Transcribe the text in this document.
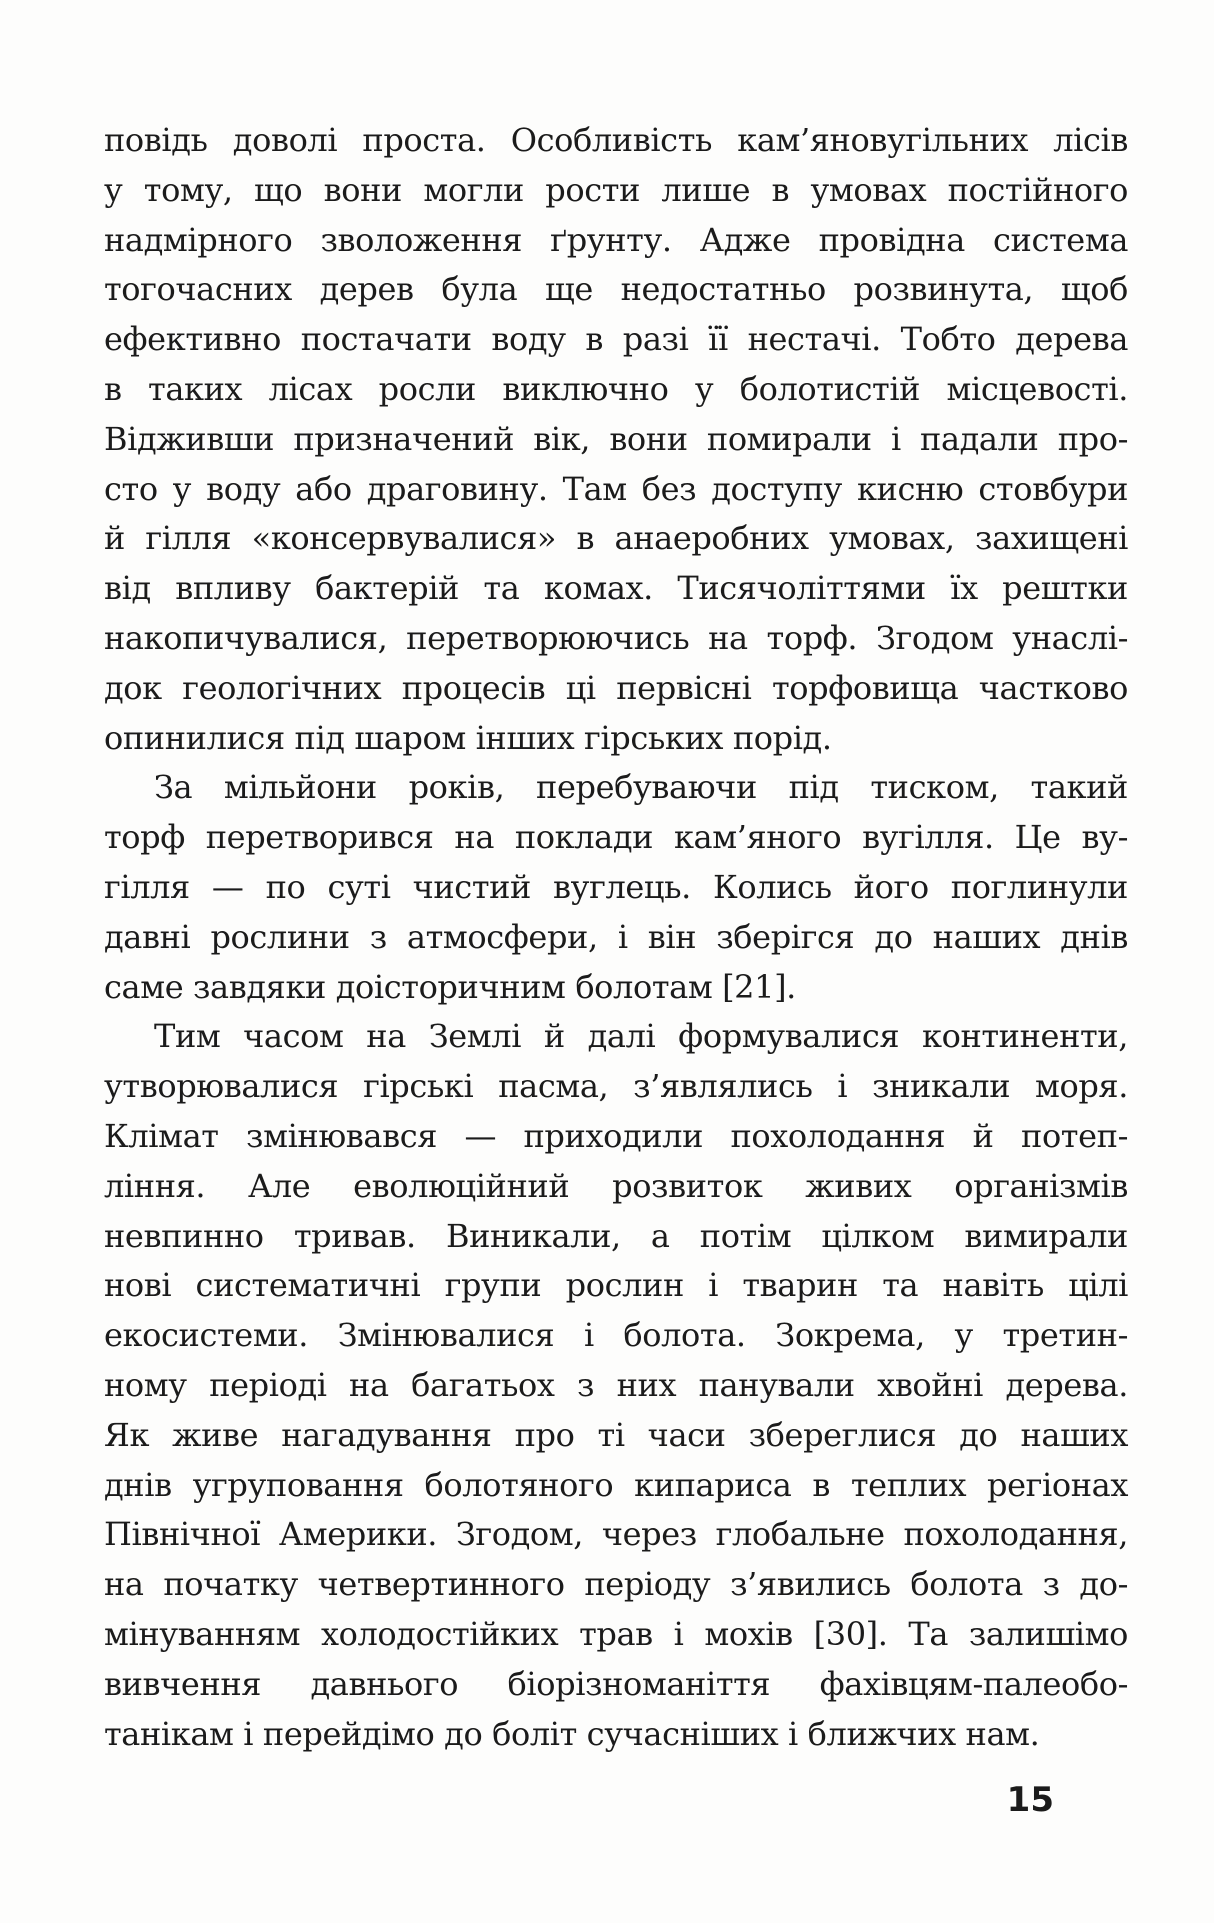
повідь доволі проста. Особливість кам’яновугільних лісів
у тому, що вони могли рости лише в умовах постійного
надмірного зволоження ґрунту. Адже провідна система
тогочасних дерев була ще недостатньо розвинута, щоб
ефективно постачати воду в разі її нестачі. Тобто дерева
в таких лісах росли виключно у болотистій місцевості.
Відживши призначений вік, вони помирали і падали про-
сто у воду або драговину. Там без доступу кисню стовбури
й гілля «консервувалися» в анаеробних умовах, захищені
від впливу бактерій та комах. Тисячоліттями їх рештки
накопичувалися, перетворюючись на торф. Згодом унаслі-
док геологічних процесів ці первісні торфовища частково
опинилися під шаром інших гірських порід.
За мільйони років, перебуваючи під тиском, такий
торф перетворився на поклади кам’яного вугілля. Це ву-
гілля — по суті чистий вуглець. Колись його поглинули
давні рослини з атмосфери, і він зберігся до наших днів
саме завдяки доісторичним болотам [21].
Тим часом на Землі й далі формувалися континенти,
утворювалися гірські пасма, з’являлись і зникали моря.
Клімат змінювався — приходили похолодання й потеп-
ління. Але еволюційний розвиток живих організмів
невпинно тривав. Виникали, а потім цілком вимирали
нові систематичні групи рослин і тварин та навіть цілі
екосистеми. Змінювалися і болота. Зокрема, у третин-
ному періоді на багатьох з них панували хвойні дерева.
Як живе нагадування про ті часи збереглися до наших
днів угруповання болотяного кипариса в теплих регіонах
Північної Америки. Згодом, через глобальне похолодання,
на початку четвертинного періоду з’явились болота з до-
мінуванням холодостійких трав і мохів [30]. Та залишімо
вивчення давнього біорізноманіття фахівцям-палеобо-
танікам і перейдімо до боліт сучасніших і ближчих нам.
15
